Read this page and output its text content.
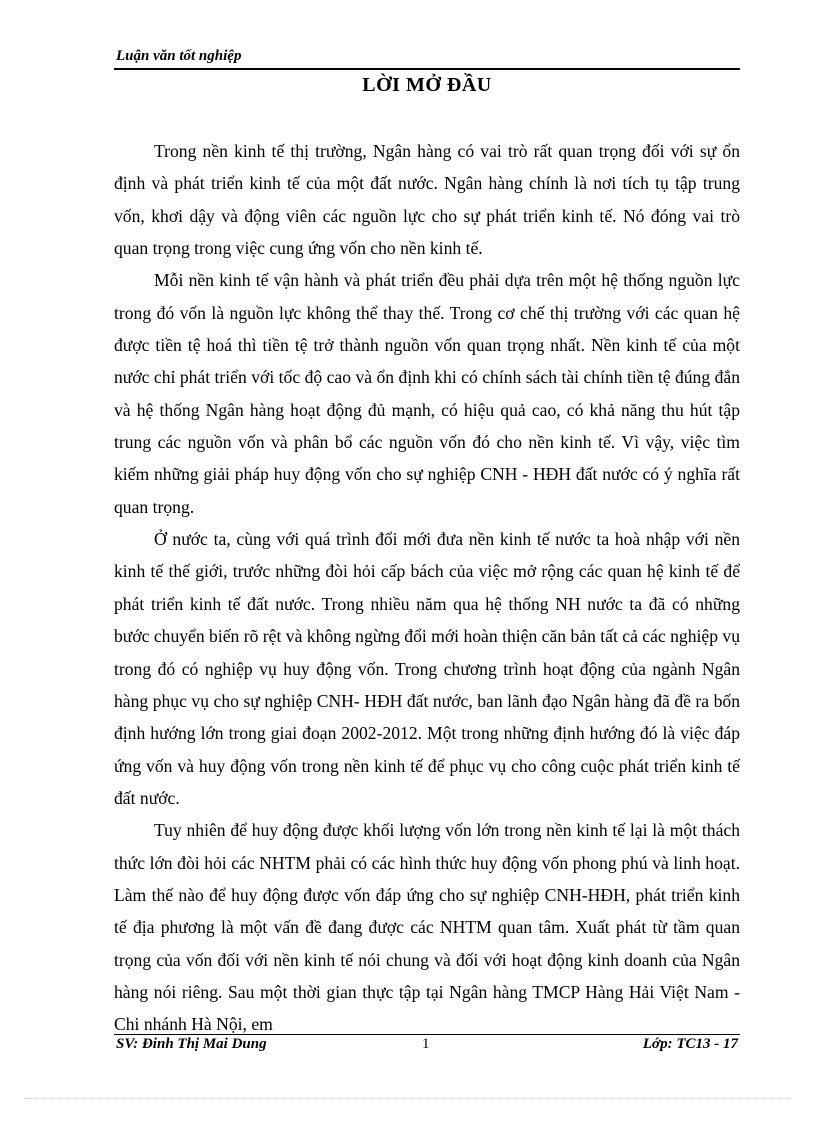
Luận văn tốt nghiệp
LỜI MỞ ĐẦU

Trong nền kinh tế thị trường, Ngân hàng có vai trò rất quan trọng đối với sự ổn định và phát triển kinh tế của một đất nước. Ngân hàng chính là nơi tích tụ tập trung vốn, khơi dậy và động viên các nguồn lực cho sự phát triển kinh tế. Nó đóng vai trò quan trọng trong việc cung ứng vốn cho nền kinh tế.

Mỗi nền kinh tế vận hành và phát triển đều phải dựa trên một hệ thống nguồn lực trong đó vốn là nguồn lực không thể thay thế. Trong cơ chế thị trường với các quan hệ được tiền tệ hoá thì tiền tệ trở thành nguồn vốn quan trọng nhất. Nền kinh tế của một nước chỉ phát triển với tốc độ cao và ổn định khi có chính sách tài chính tiền tệ đúng đắn và hệ thống Ngân hàng hoạt động đủ mạnh, có hiệu quả cao, có khả năng thu hút tập trung các nguồn vốn và phân bổ các nguồn vốn đó cho nền kinh tế. Vì vậy, việc tìm kiếm những giải pháp huy động vốn cho sự nghiệp CNH - HĐH đất nước có ý nghĩa rất quan trọng.

Ở nước ta, cùng với quá trình đổi mới đưa nền kinh tế nước ta hoà nhập với nền kinh tế thế giới, trước những đòi hỏi cấp bách của việc mở rộng các quan hệ kinh tế để phát triển kinh tế đất nước. Trong nhiều năm qua hệ thống NH nước ta đã có những bước chuyển biến rõ rệt và không ngừng đổi mới hoàn thiện căn bản tất cả các nghiệp vụ trong đó có nghiệp vụ huy động vốn. Trong chương trình hoạt động của ngành Ngân hàng phục vụ cho sự nghiệp CNH- HĐH đất nước, ban lãnh đạo Ngân hàng đã đề ra bốn định hướng lớn trong giai đoạn 2002-2012. Một trong những định hướng đó là việc đáp ứng vốn và huy động vốn trong nền kinh tế để phục vụ cho công cuộc phát triển kinh tế đất nước.

Tuy nhiên để huy động được khối lượng vốn lớn trong nền kinh tế lại là một thách thức lớn đòi hỏi các NHTM phải có các hình thức huy động vốn phong phú và linh hoạt. Làm thế nào để huy động được vốn đáp ứng cho sự nghiệp CNH-HĐH, phát triển kinh tế địa phương là một vấn đề đang được các NHTM quan tâm. Xuất phát từ tầm quan trọng của vốn đối với nền kinh tế nói chung và đối với hoạt động kinh doanh của Ngân hàng nói riêng. Sau một thời gian thực tập tại Ngân hàng TMCP Hàng Hải Việt Nam - Chi nhánh Hà Nội, em

SV: Đinh Thị Mai Dung	1	Lớp: TC13 - 17
